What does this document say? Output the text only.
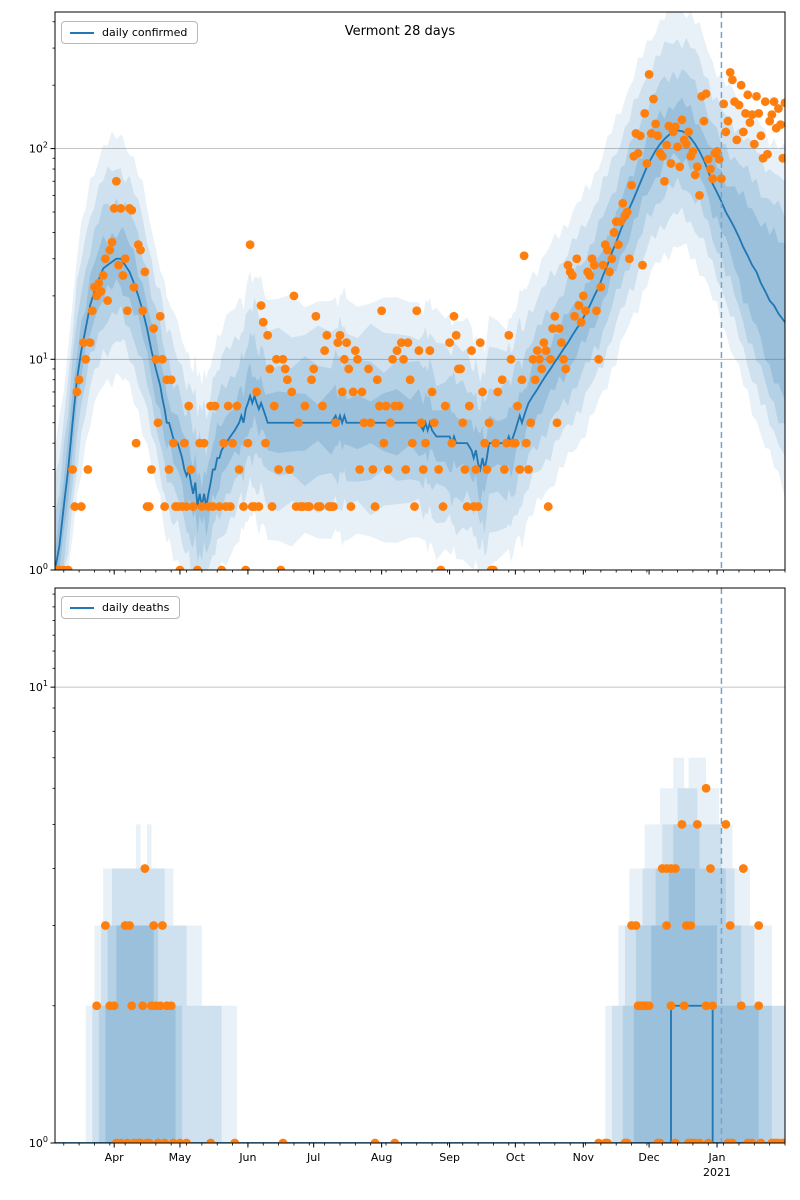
$10^0$
$10^1$
$10^2$
Apr	May	Jun	Jul	Aug	Sep	Oct	Nov	Dec	Jan
2021
$10^0$
$10^1$
Vermont 28 days
daily confirmed
daily deaths
